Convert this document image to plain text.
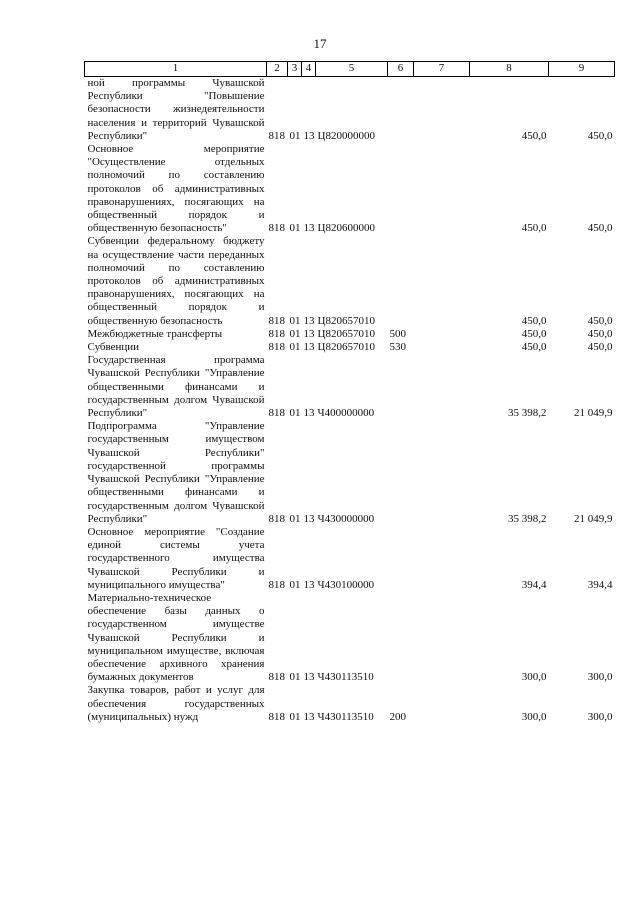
17
1	2	3	4	5	6	7	8	9
ной программы Чувашской Республики "Повышение безопасности жизнедеятельности населения и территорий Чувашской Республики"	818	01	13	Ц820000000			450,0	450,0
Основное мероприятие "Осуществление отдельных полномочий по составлению протоколов об административных правонарушениях, посягающих на общественный порядок и общественную безопасность"	818	01	13	Ц820600000			450,0	450,0
Субвенции федеральному бюджету на осуществление части переданных полномочий по составлению протоколов об административных правонарушениях, посягающих на общественный порядок и общественную безопасность	818	01	13	Ц820657010			450,0	450,0
Межбюджетные трансферты	818	01	13	Ц820657010	500		450,0	450,0
Субвенции	818	01	13	Ц820657010	530		450,0	450,0
Государственная программа Чувашской Республики "Управление общественными финансами и государственным долгом Чувашской Республики"	818	01	13	Ч400000000			35 398,2	21 049,9
Подпрограмма "Управление государственным имуществом Чувашской Республики" государственной программы Чувашской Республики "Управление общественными финансами и государственным долгом Чувашской Республики"	818	01	13	Ч430000000			35 398,2	21 049,9
Основное мероприятие "Создание единой системы учета государственного имущества Чувашской Республики и муниципального имущества"	818	01	13	Ч430100000			394,4	394,4
Материально-техническое обеспечение базы данных о государственном имуществе Чувашской Республики и муниципальном имуществе, включая обеспечение архивного хранения бумажных документов	818	01	13	Ч430113510			300,0	300,0
Закупка товаров, работ и услуг для обеспечения государственных (муниципальных) нужд	818	01	13	Ч430113510	200		300,0	300,0
